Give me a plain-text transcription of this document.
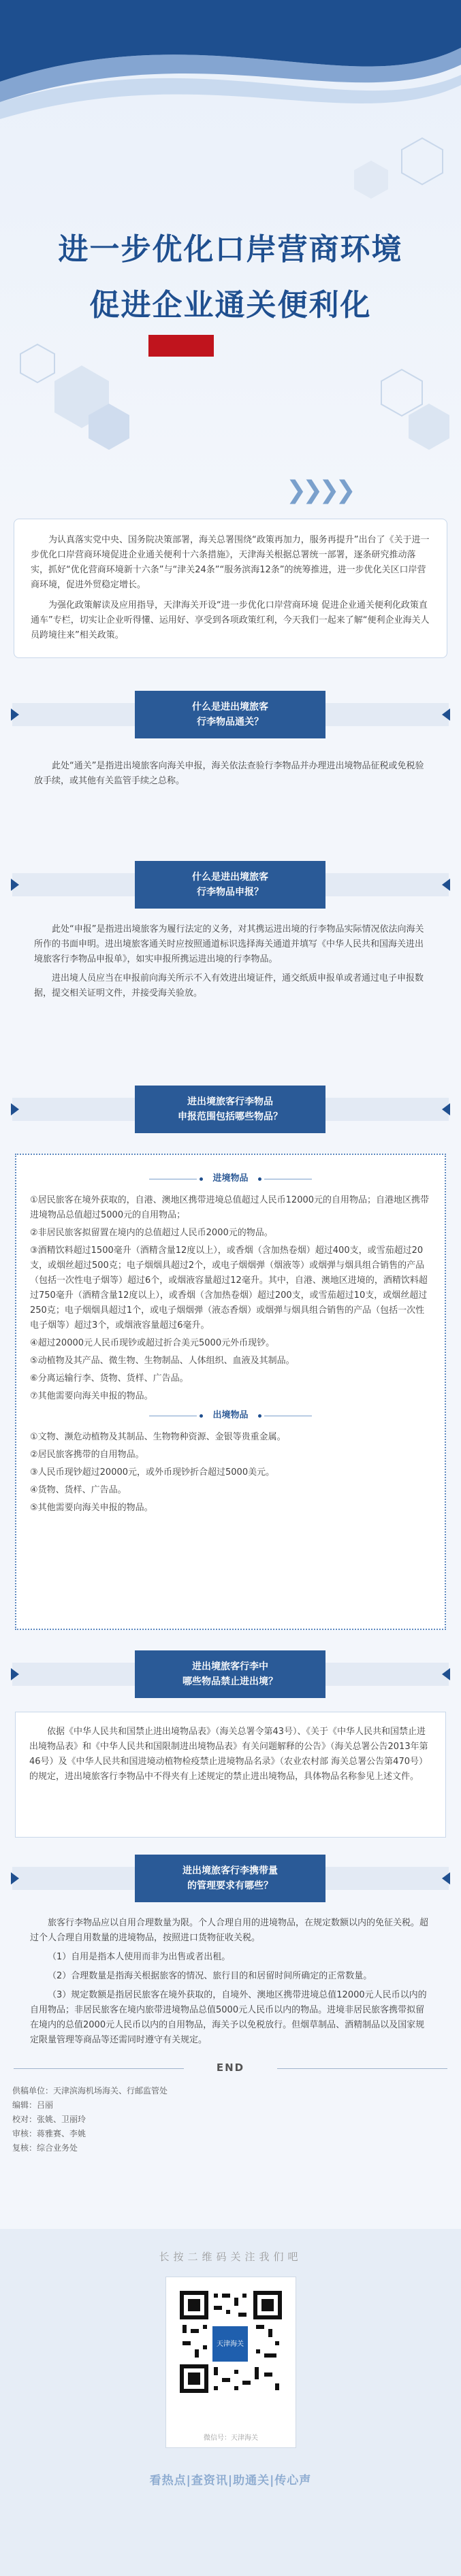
进一步优化口岸营商环境
促进企业通关便利化
❯❯❯❯

为认真落实党中央、国务院决策部署，海关总署围绕“政策再加力，服务再提升”出台了《关于进一步优化口岸营商环境促进企业通关便利十六条措施》，天津海关根据总署统一部署，逐条研究推动落实，抓好“优化营商环境新十六条”与“津关24条”“服务滨海12条”的统筹推进，进一步优化关区口岸营商环境，促进外贸稳定增长。

为强化政策解读及应用指导，天津海关开设“进一步优化口岸营商环境 促进企业通关便利化政策直通车”专栏，切实让企业听得懂、运用好、享受到各项政策红利，今天我们一起来了解“便利企业海关人员跨境往来”相关政策。

什么是进出境旅客
行李物品通关？

此处“通关”是指进出境旅客向海关申报，海关依法查验行李物品并办理进出境物品征税或免税验放手续，或其他有关监管手续之总称。

什么是进出境旅客
行李物品申报？

此处“申报”是指进出境旅客为履行法定的义务，对其携运进出境的行李物品实际情况依法向海关所作的书面申明。进出境旅客通关时应按照通道标识选择海关通道并填写《中华人民共和国海关进出境旅客行李物品申报单》，如实申报所携运进出境的行李物品。

进出境人员应当在申报前向海关所示不入有效进出境证件，通交纸质申报单或者通过电子申报数据，提交相关证明文件，并接受海关验放。

进出境旅客行李物品
申报范围包括哪些物品？
进境物品

①居民旅客在境外获取的，自港、澳地区携带进境总值超过人民币12000元的自用物品；自港地区携带进境物品总值超过5000元的自用物品；

②非居民旅客拟留置在境内的总值超过人民币2000元的物品。

③酒精饮料超过1500毫升（酒精含量12度以上），或香烟（含加热卷烟）超过400支，或雪茄超过20支，或烟丝超过500克；电子烟烟具超过2个，或电子烟烟弹（烟液等）或烟弹与烟具组合销售的产品（包括一次性电子烟等）超过6个，或烟液容量超过12毫升。其中，自港、澳地区进境的，酒精饮料超过750毫升（酒精含量12度以上），或香烟（含加热卷烟）超过200支，或雪茄超过10支，或烟丝超过250克；电子烟烟具超过1个，或电子烟烟弹（液态香烟）或烟弹与烟具组合销售的产品（包括一次性电子烟等）超过3个，或烟液容量超过6毫升。

④超过20000元人民币现钞或超过折合美元5000元外币现钞。

⑤动植物及其产品、微生物、生物制品、人体组织、血液及其制品。

⑥分离运输行李、货物、货样、广告品。

⑦其他需要向海关申报的物品。

出境物品

①文物、濒危动植物及其制品、生物物种资源、金银等贵重金属。

②居民旅客携带的自用物品。

③人民币现钞超过20000元，或外币现钞折合超过5000美元。

④货物、货样、广告品。

⑤其他需要向海关申报的物品。

进出境旅客行李中
哪些物品禁止进出境？

依据《中华人民共和国禁止进出境物品表》（海关总署令第43号）、《关于《中华人民共和国禁止进出境物品表》和《中华人民共和国限制进出境物品表》有关问题解释的公告》（海关总署公告2013年第46号）及《中华人民共和国进境动植物检疫禁止进境物品名录》（农业农村部 海关总署公告第470号）的规定，进出境旅客行李物品中不得夹有上述规定的禁止进出境物品，具体物品名称参见上述文件。

进出境旅客行李携带量
的管理要求有哪些？

旅客行李物品应以自用合理数量为限。个人合理自用的进境物品，在规定数额以内的免征关税。超过个人合理自用数量的进境物品，按照进口货物征收关税。

（1）自用是指本人使用而非为出售或者出租。

（2）合理数量是指海关根据旅客的情况、旅行目的和居留时间所确定的正常数量。

（3）规定数额是指居民旅客在境外获取的，自境外、澳地区携带进境总值12000元人民币以内的自用物品；非居民旅客在境内旅带进境物品总值5000元人民币以内的物品。进境非居民旅客携带拟留在境内的总值2000元人民币以内的自用物品，海关予以免税放行。但烟草制品、酒精制品以及国家规定限量管理等商品等还需同时遵守有关规定。

END
供稿单位：天津滨海机场海关、行邮监管处
编辑：吕丽
校对：张姚、卫丽玲
审核：蒋雅赛、李姚
复核：综合业务处
长按二维码关注我们吧
天津海关
微信号：天津海关
看热点|查资讯|助通关|传心声
